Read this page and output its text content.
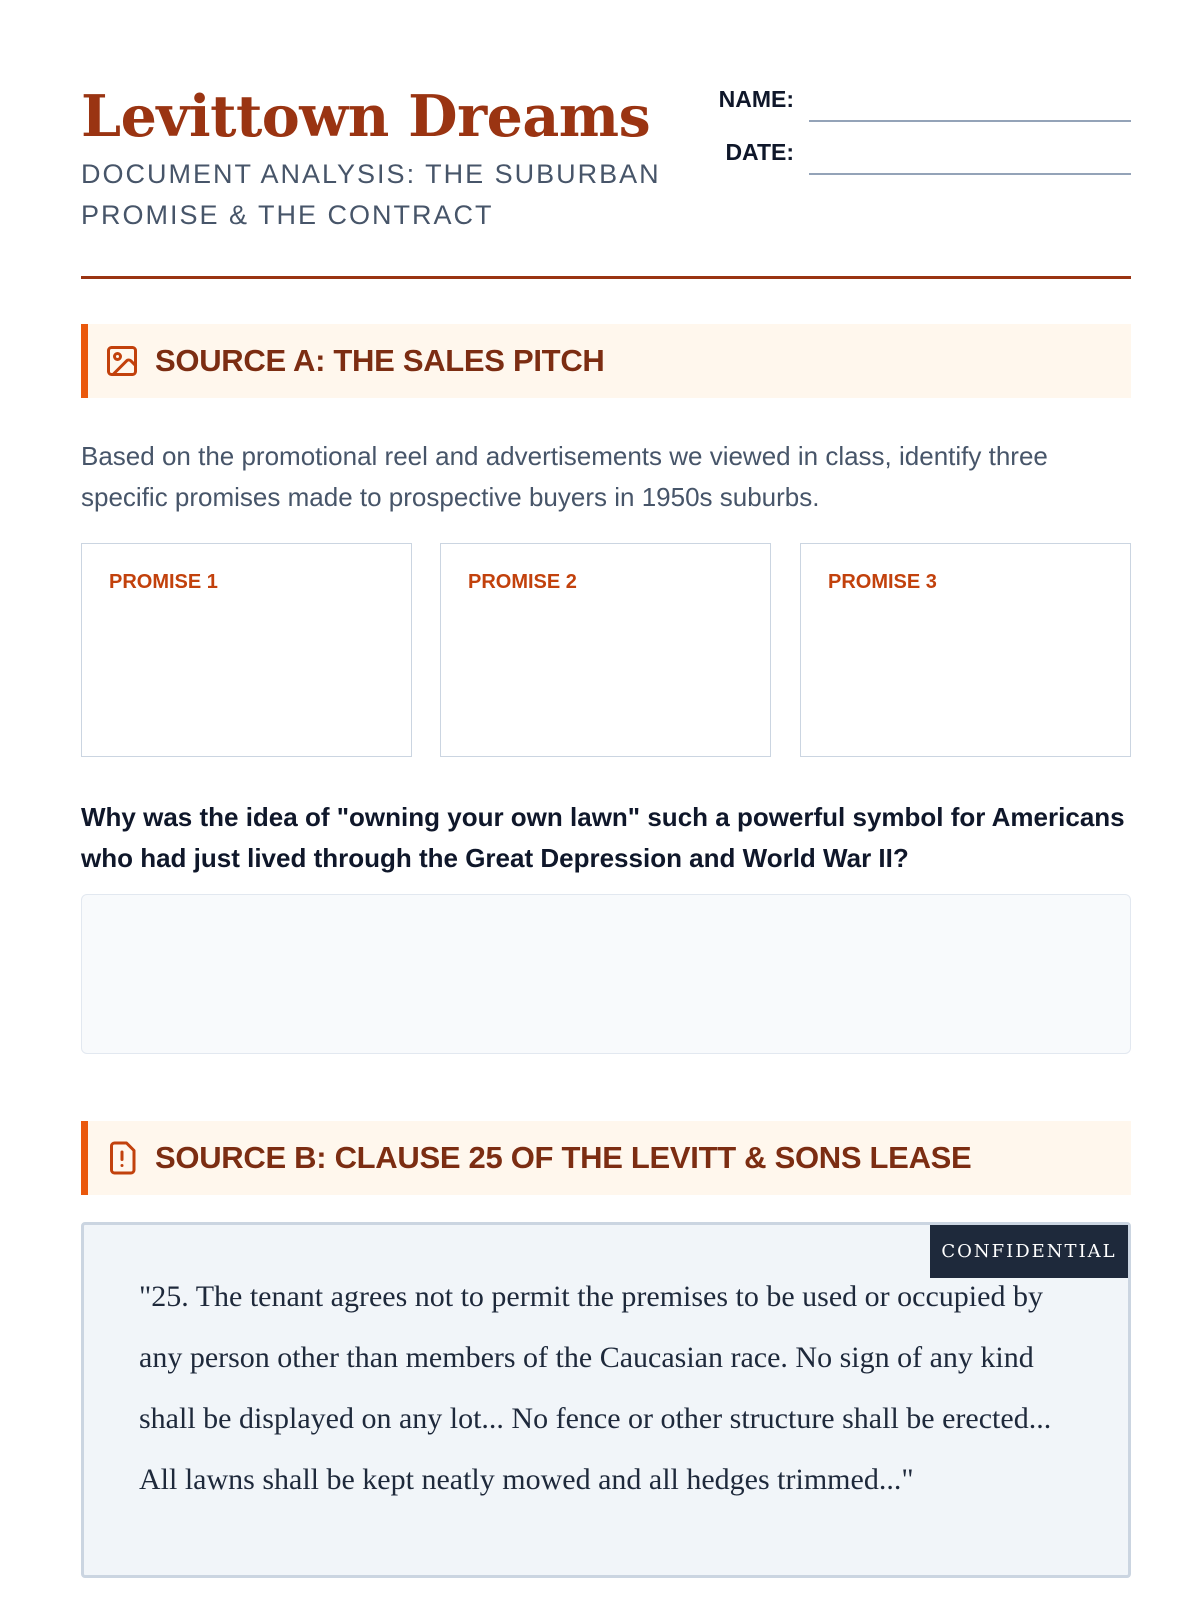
Levittown Dreams

DOCUMENT ANALYSIS: THE SUBURBAN PROMISE & THE CONTRACT

NAME:
DATE:
SOURCE A: THE SALES PITCH

Based on the promotional reel and advertisements we viewed in class, identify three specific promises made to prospective buyers in 1950s suburbs.

PROMISE 1	PROMISE 2	PROMISE 3

Why was the idea of "owning your own lawn" such a powerful symbol for Americans who had just lived through the Great Depression and World War II?

SOURCE B: CLAUSE 25 OF THE LEVITT & SONS LEASE
CONFIDENTIAL

"25. The tenant agrees not to permit the premises to be used or occupied by any person other than members of the Caucasian race. No sign of any kind shall be displayed on any lot... No fence or other structure shall be erected... All lawns shall be kept neatly mowed and all hedges trimmed..."
